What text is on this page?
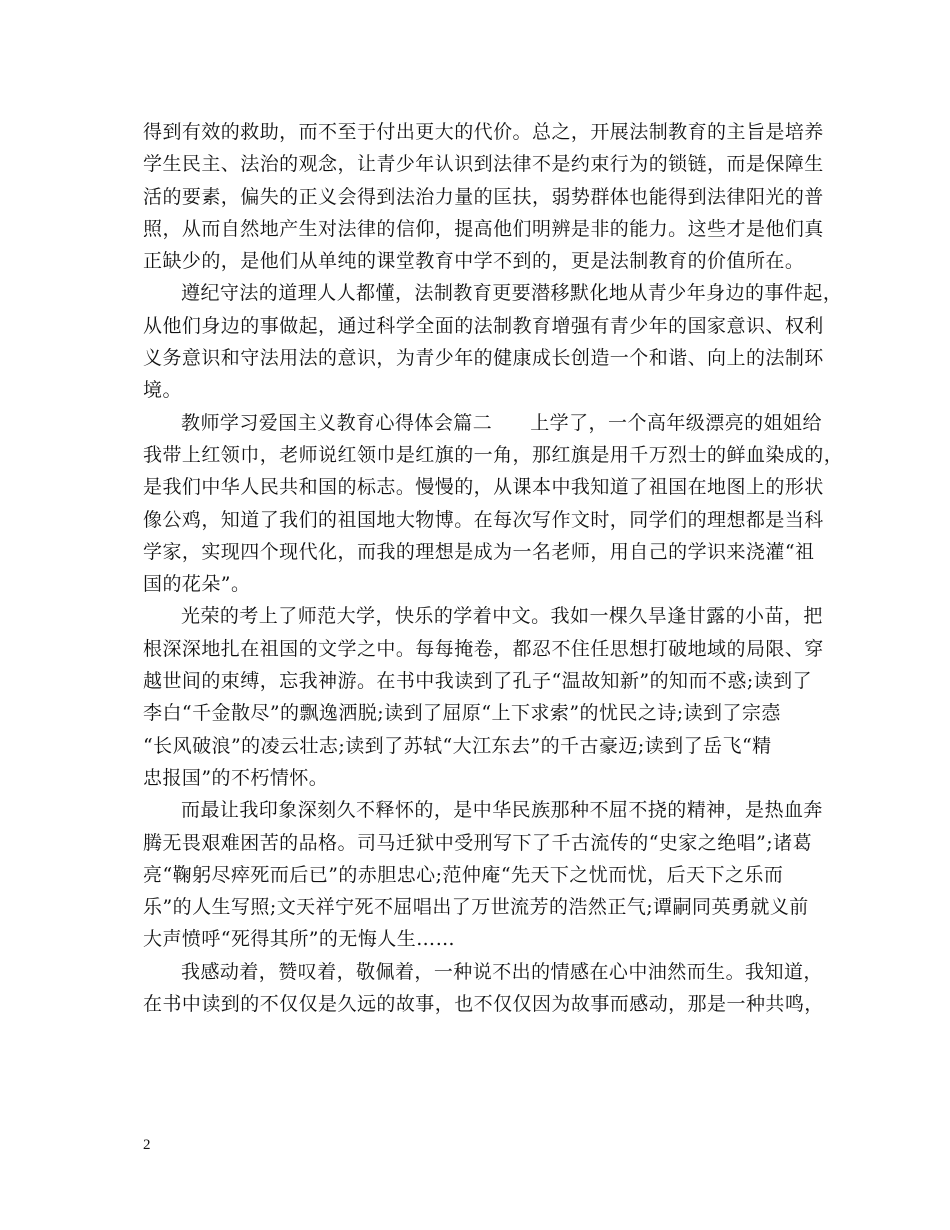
得到有效的救助，而不至于付出更大的代价。总之，开展法制教育的主旨是培养
学生民主、法治的观念，让青少年认识到法律不是约束行为的锁链，而是保障生
活的要素，偏失的正义会得到法治力量的匡扶，弱势群体也能得到法律阳光的普
照，从而自然地产生对法律的信仰，提高他们明辨是非的能力。这些才是他们真
正缺少的，是他们从单纯的课堂教育中学不到的，更是法制教育的价值所在。

遵纪守法的道理人人都懂，法制教育更要潜移默化地从青少年身边的事件起，
从他们身边的事做起，通过科学全面的法制教育增强有青少年的国家意识、权利
义务意识和守法用法的意识，为青少年的健康成长创造一个和谐、向上的法制环
境。

教师学习爱国主义教育心得体会篇二 上学了，一个高年级漂亮的姐姐给
我带上红领巾，老师说红领巾是红旗的一角，那红旗是用千万烈士的鲜血染成的，
是我们中华人民共和国的标志。慢慢的，从课本中我知道了祖国在地图上的形状
像公鸡，知道了我们的祖国地大物博。在每次写作文时，同学们的理想都是当科
学家，实现四个现代化，而我的理想是成为一名老师，用自己的学识来浇灌“祖
国的花朵”。

光荣的考上了师范大学，快乐的学着中文。我如一棵久旱逢甘露的小苗，把
根深深地扎在祖国的文学之中。每每掩卷，都忍不住任思想打破地域的局限、穿
越世间的束缚，忘我神游。在书中我读到了孔子“温故知新”的知而不惑;读到了
李白“千金散尽”的飘逸洒脱;读到了屈原“上下求索”的忧民之诗;读到了宗悫
“长风破浪”的凌云壮志;读到了苏轼“大江东去”的千古豪迈;读到了岳飞“精
忠报国”的不朽情怀。

而最让我印象深刻久不释怀的，是中华民族那种不屈不挠的精神，是热血奔
腾无畏艰难困苦的品格。司马迁狱中受刑写下了千古流传的“史家之绝唱”;诸葛
亮“鞠躬尽瘁死而后已”的赤胆忠心;范仲庵“先天下之忧而忧，后天下之乐而
乐”的人生写照;文天祥宁死不屈唱出了万世流芳的浩然正气;谭嗣同英勇就义前
大声愤呼“死得其所”的无悔人生……

我感动着，赞叹着，敬佩着，一种说不出的情感在心中油然而生。我知道，
在书中读到的不仅仅是久远的故事，也不仅仅因为故事而感动，那是一种共鸣，

2
